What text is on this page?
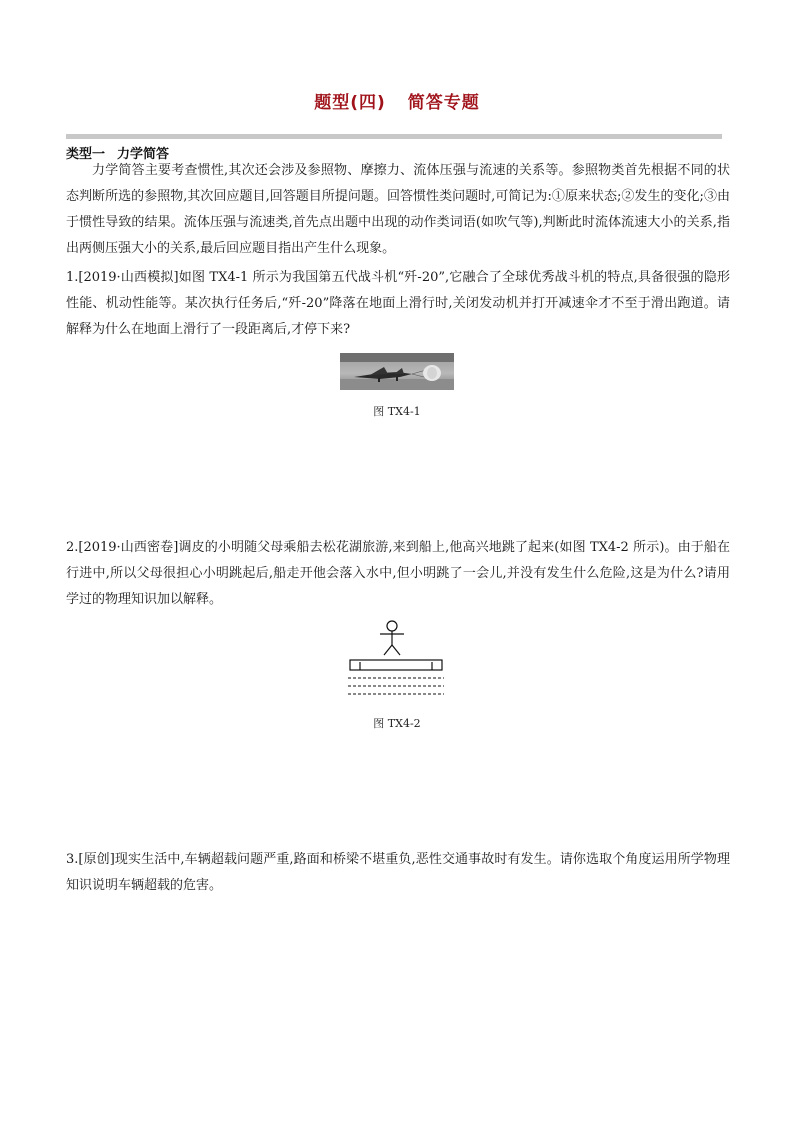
题型(四) 简答专题
类型一 力学简答

力学简答主要考查惯性,其次还会涉及参照物、摩擦力、流体压强与流速的关系等。参照物类首先根据不同的状态判断所选的参照物,其次回应题目,回答题目所提问题。回答惯性类问题时,可简记为:①原来状态;②发生的变化;③由于惯性导致的结果。流体压强与流速类,首先点出题中出现的动作类词语(如吹气等),判断此时流体流速大小的关系,指出两侧压强大小的关系,最后回应题目指出产生什么现象。

1.[2019·山西模拟]如图 TX4-1 所示为我国第五代战斗机“歼-20”,它融合了全球优秀战斗机的特点,具备很强的隐形性能、机动性能等。某次执行任务后,“歼-20”降落在地面上滑行时,关闭发动机并打开减速伞才不至于滑出跑道。请解释为什么在地面上滑行了一段距离后,才停下来?

图 TX4-1

2.[2019·山西密卷]调皮的小明随父母乘船去松花湖旅游,来到船上,他高兴地跳了起来(如图 TX4-2 所示)。由于船在行进中,所以父母很担心小明跳起后,船走开他会落入水中,但小明跳了一会儿,并没有发生什么危险,这是为什么?请用学过的物理知识加以解释。

图 TX4-2

3.[原创]现实生活中,车辆超载问题严重,路面和桥梁不堪重负,恶性交通事故时有发生。请你选取个角度运用所学物理知识说明车辆超载的危害。
